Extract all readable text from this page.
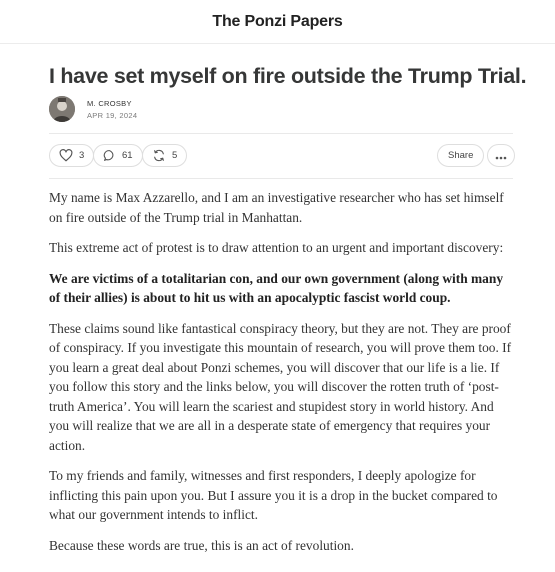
The Ponzi Papers
I have set myself on fire outside the Trump Trial.
M. CROSBY
APR 19, 2024
3	61	5	Share

My name is Max Azzarello, and I am an investigative researcher who has set himself on fire outside of the Trump trial in Manhattan.

This extreme act of protest is to draw attention to an urgent and important discovery:

We are victims of a totalitarian con, and our own government (along with many of their allies) is about to hit us with an apocalyptic fascist world coup.

These claims sound like fantastical conspiracy theory, but they are not. They are proof of conspiracy. If you investigate this mountain of research, you will prove them too. If you learn a great deal about Ponzi schemes, you will discover that our life is a lie. If you follow this story and the links below, you will discover the rotten truth of ‘post-truth America’. You will learn the scariest and stupidest story in world history. And you will realize that we are all in a desperate state of emergency that requires your action.

To my friends and family, witnesses and first responders, I deeply apologize for inflicting this pain upon you. But I assure you it is a drop in the bucket compared to what our government intends to inflict.

Because these words are true, this is an act of revolution.
